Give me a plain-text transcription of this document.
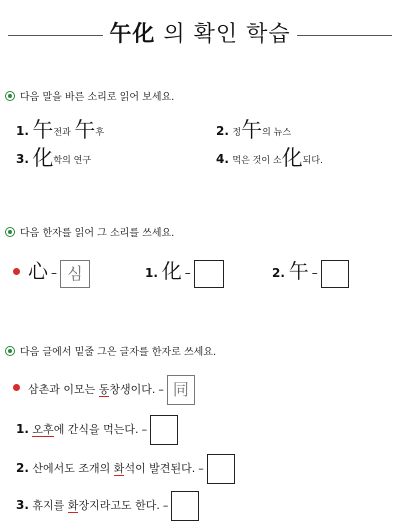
午化 의 확인 학습
다음 말을 바른 소리로 읽어 보세요.
1. 午전과 午후	2. 정午의 뉴스
3. 化학의 연구	4. 먹은 것이 소化되다.
다음 한자를 읽어 그 소리를 쓰세요.
心 – 심	1. 化 –	2. 午 –
다음 글에서 밑줄 그은 글자를 한자로 쓰세요.
삼촌과 이모는 동창생이다. – 同
1. 오후에 간식을 먹는다. –
2. 산에서도 조개의 화석이 발견된다. –
3. 휴지를 화장지라고도 한다. –
